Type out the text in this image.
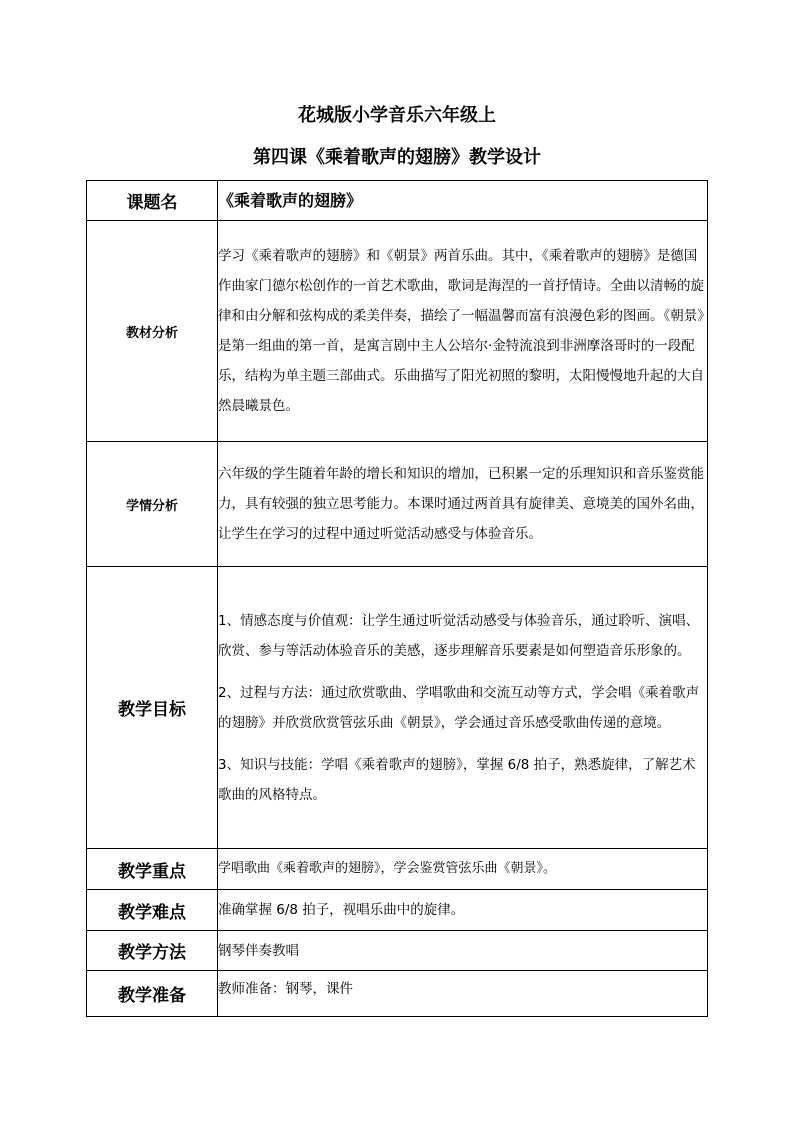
花城版小学音乐六年级上
第四课《乘着歌声的翅膀》教学设计
课题名	《乘着歌声的翅膀》
教材分析	学习《乘着歌声的翅膀》和《朝景》两首乐曲。其中，《乘着歌声的翅膀》是德国作曲家门德尔松创作的一首艺术歌曲，歌词是海涅的一首抒情诗。全曲以清畅的旋律和由分解和弦构成的柔美伴奏，描绘了一幅温馨而富有浪漫色彩的图画。《朝景》是第一组曲的第一首，是寓言剧中主人公培尔·金特流浪到非洲摩洛哥时的一段配乐，结构为单主题三部曲式。乐曲描写了阳光初照的黎明，太阳慢慢地升起的大自然晨曦景色。

学情分析	六年级的学生随着年龄的增长和知识的增加，已积累一定的乐理知识和音乐鉴赏能力，具有较强的独立思考能力。本课时通过两首具有旋律美、意境美的国外名曲，让学生在学习的过程中通过听觉活动感受与体验音乐。

教学目标	1、情感态度与价值观：让学生通过听觉活动感受与体验音乐，通过聆听、演唱、欣赏、参与等活动体验音乐的美感，逐步理解音乐要素是如何塑造音乐形象的。

2、过程与方法：通过欣赏歌曲、学唱歌曲和交流互动等方式，学会唱《乘着歌声的翅膀》并欣赏欣赏管弦乐曲《朝景》，学会通过音乐感受歌曲传递的意境。

3、知识与技能：学唱《乘着歌声的翅膀》，掌握 6/8 拍子，熟悉旋律，了解艺术歌曲的风格特点。

教学重点	学唱歌曲《乘着歌声的翅膀》，学会鉴赏管弦乐曲《朝景》。
教学难点	准确掌握 6/8 拍子，视唱乐曲中的旋律。
教学方法	钢琴伴奏教唱
教学准备	教师准备：钢琴，课件
